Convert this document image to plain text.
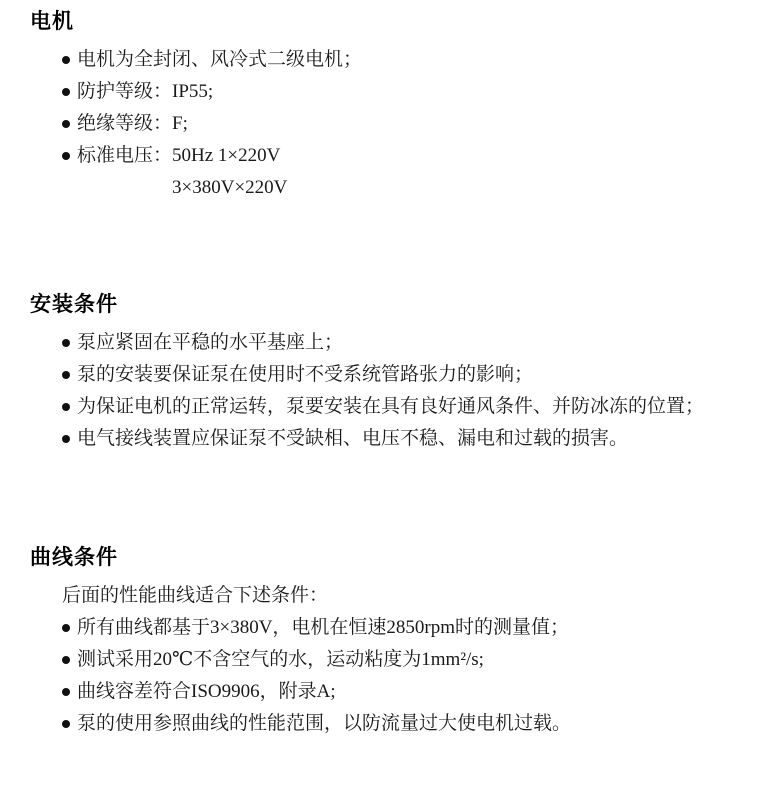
电机
电机为全封闭、风冷式二级电机；
防护等级：IP55;
绝缘等级：F;
标准电压： 50Hz 1×220V
3×380V×220V
安装条件
泵应紧固在平稳的水平基座上；
泵的安装要保证泵在使用时不受系统管路张力的影响；
为保证电机的正常运转，泵要安装在具有良好通风条件、并防冰冻的位置；
电气接线装置应保证泵不受缺相、电压不稳、漏电和过载的损害。
曲线条件
后面的性能曲线适合下述条件：
所有曲线都基于3×380V，电机在恒速2850rpm时的测量值；
测试采用20℃不含空气的水，运动粘度为1mm²/s;
曲线容差符合ISO9906，附录A;
泵的使用参照曲线的性能范围，以防流量过大使电机过载。
